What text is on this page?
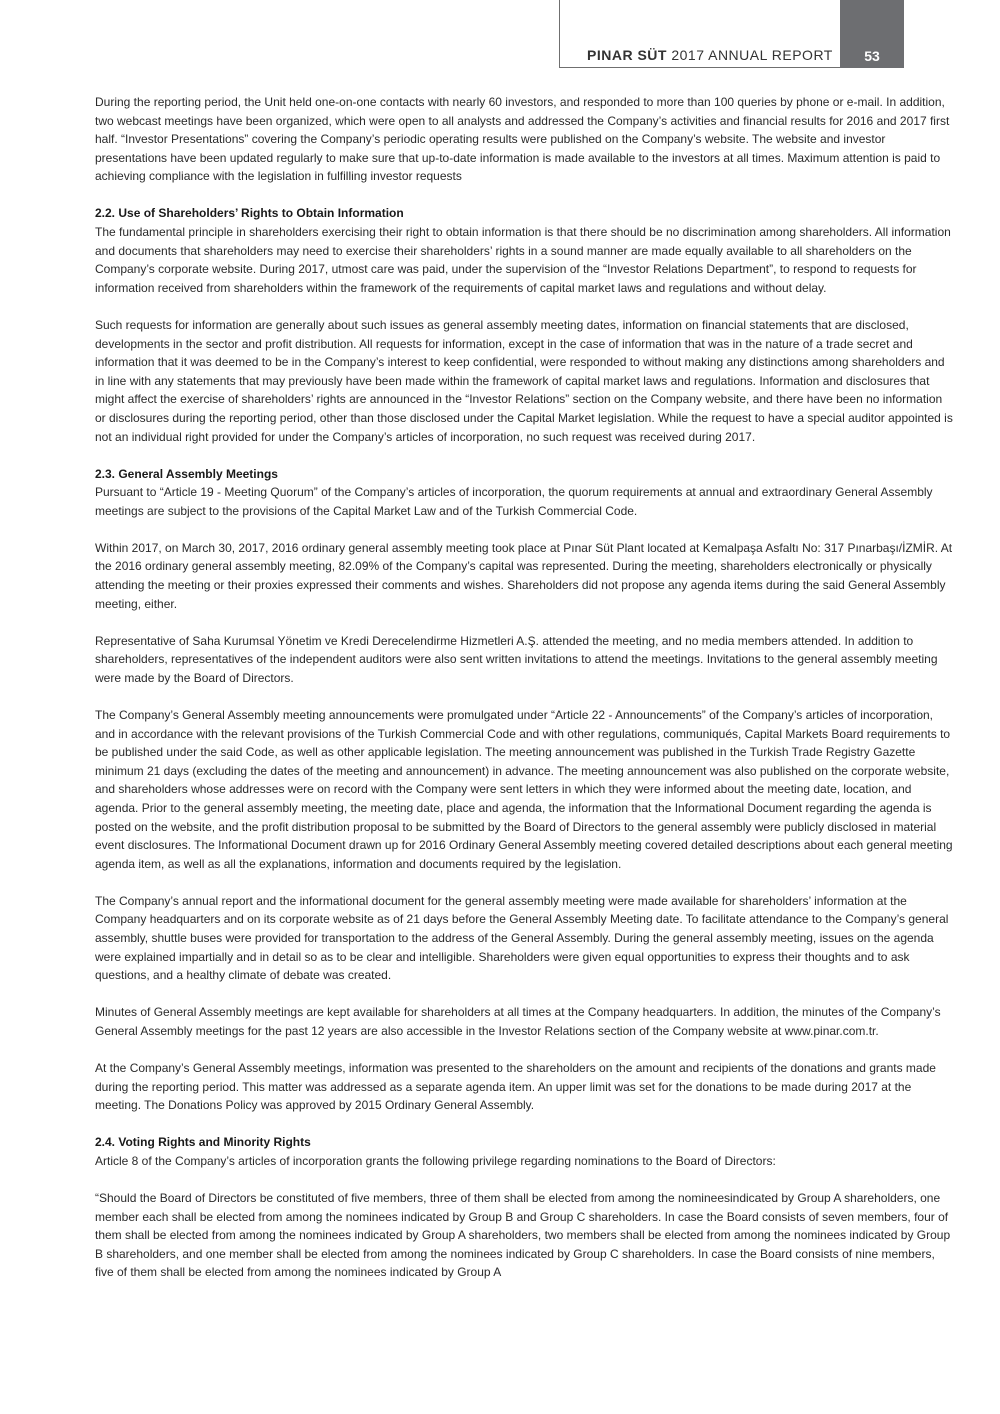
PINAR SÜT 2017 ANNUAL REPORT	53

During the reporting period, the Unit held one-on-one contacts with nearly 60 investors, and responded to more than 100 queries by phone or e-mail. In addition, two webcast meetings have been organized, which were open to all analysts and addressed the Company’s activities and financial results for 2016 and 2017 first half. “Investor Presentations” covering the Company’s periodic operating results were published on the Company’s website. The website and investor presentations have been updated regularly to make sure that up-to-date information is made available to the investors at all times. Maximum attention is paid to achieving compliance with the legislation in fulfilling investor requests

2.2. Use of Shareholders’ Rights to Obtain Information

The fundamental principle in shareholders exercising their right to obtain information is that there should be no discrimination among shareholders. All information and documents that shareholders may need to exercise their shareholders’ rights in a sound manner are made equally available to all shareholders on the Company’s corporate website. During 2017, utmost care was paid, under the supervision of the “Investor Relations Department”, to respond to requests for information received from shareholders within the framework of the requirements of capital market laws and regulations and without delay.

Such requests for information are generally about such issues as general assembly meeting dates, information on financial statements that are disclosed, developments in the sector and profit distribution. All requests for information, except in the case of information that was in the nature of a trade secret and information that it was deemed to be in the Company’s interest to keep confidential, were responded to without making any distinctions among shareholders and in line with any statements that may previously have been made within the framework of capital market laws and regulations. Information and disclosures that might affect the exercise of shareholders’ rights are announced in the “Investor Relations” section on the Company website, and there have been no information or disclosures during the reporting period, other than those disclosed under the Capital Market legislation. While the request to have a special auditor appointed is not an individual right provided for under the Company’s articles of incorporation, no such request was received during 2017.

2.3. General Assembly Meetings

Pursuant to “Article 19 - Meeting Quorum” of the Company’s articles of incorporation, the quorum requirements at annual and extraordinary General Assembly meetings are subject to the provisions of the Capital Market Law and of the Turkish Commercial Code.

Within 2017, on March 30, 2017, 2016 ordinary general assembly meeting took place at Pınar Süt Plant located at Kemalpaşa Asfaltı No: 317 Pınarbaşı/İZMİR. At the 2016 ordinary general assembly meeting, 82.09% of the Company’s capital was represented. During the meeting, shareholders electronically or physically attending the meeting or their proxies expressed their comments and wishes. Shareholders did not propose any agenda items during the said General Assembly meeting, either.

Representative of Saha Kurumsal Yönetim ve Kredi Derecelendirme Hizmetleri A.Ş. attended the meeting, and no media members attended. In addition to shareholders, representatives of the independent auditors were also sent written invitations to attend the meetings. Invitations to the general assembly meeting were made by the Board of Directors.

The Company’s General Assembly meeting announcements were promulgated under “Article 22 - Announcements” of the Company’s articles of incorporation, and in accordance with the relevant provisions of the Turkish Commercial Code and with other regulations, communiqués, Capital Markets Board requirements to be published under the said Code, as well as other applicable legislation. The meeting announcement was published in the Turkish Trade Registry Gazette minimum 21 days (excluding the dates of the meeting and announcement) in advance. The meeting announcement was also published on the corporate website, and shareholders whose addresses were on record with the Company were sent letters in which they were informed about the meeting date, location, and agenda. Prior to the general assembly meeting, the meeting date, place and agenda, the information that the Informational Document regarding the agenda is posted on the website, and the profit distribution proposal to be submitted by the Board of Directors to the general assembly were publicly disclosed in material event disclosures. The Informational Document drawn up for 2016 Ordinary General Assembly meeting covered detailed descriptions about each general meeting agenda item, as well as all the explanations, information and documents required by the legislation.

The Company’s annual report and the informational document for the general assembly meeting were made available for shareholders’ information at the Company headquarters and on its corporate website as of 21 days before the General Assembly Meeting date. To facilitate attendance to the Company’s general assembly, shuttle buses were provided for transportation to the address of the General Assembly. During the general assembly meeting, issues on the agenda were explained impartially and in detail so as to be clear and intelligible. Shareholders were given equal opportunities to express their thoughts and to ask questions, and a healthy climate of debate was created.

Minutes of General Assembly meetings are kept available for shareholders at all times at the Company headquarters. In addition, the minutes of the Company’s General Assembly meetings for the past 12 years are also accessible in the Investor Relations section of the Company website at www.pinar.com.tr.

At the Company’s General Assembly meetings, information was presented to the shareholders on the amount and recipients of the donations and grants made during the reporting period. This matter was addressed as a separate agenda item. An upper limit was set for the donations to be made during 2017 at the meeting. The Donations Policy was approved by 2015 Ordinary General Assembly.

2.4. Voting Rights and Minority Rights

Article 8 of the Company’s articles of incorporation grants the following privilege regarding nominations to the Board of Directors:

“Should the Board of Directors be constituted of five members, three of them shall be elected from among the nomineesindicated by Group A shareholders, one member each shall be elected from among the nominees indicated by Group B and Group C shareholders. In case the Board consists of seven members, four of them shall be elected from among the nominees indicated by Group A shareholders, two members shall be elected from among the nominees indicated by Group B shareholders, and one member shall be elected from among the nominees indicated by Group C shareholders. In case the Board consists of nine members, five of them shall be elected from among the nominees indicated by Group A
